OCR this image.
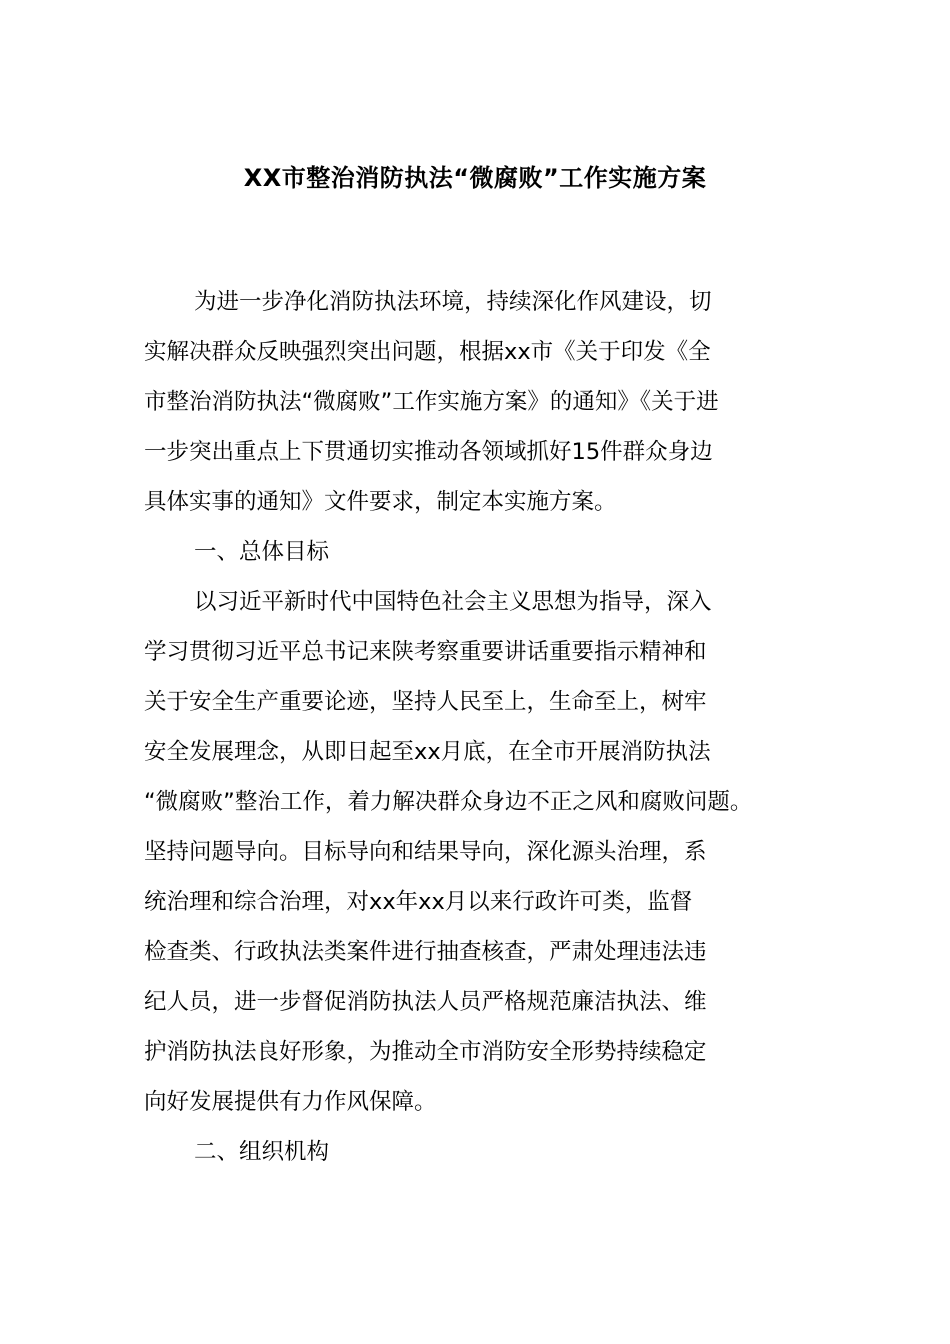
XX市整治消防执法“微腐败”工作实施方案
为进一步净化消防执法环境，持续深化作风建设，切
实解决群众反映强烈突出问题，根据xx市《关于印发《全
市整治消防执法“微腐败”工作实施方案》的通知》《关于进
一步突出重点上下贯通切实推动各领域抓好15件群众身边
具体实事的通知》文件要求，制定本实施方案。
一、总体目标
以习近平新时代中国特色社会主义思想为指导，深入
学习贯彻习近平总书记来陕考察重要讲话重要指示精神和
关于安全生产重要论迹，坚持人民至上，生命至上，树牢
安全发展理念，从即日起至xx月底，在全市开展消防执法
“微腐败”整治工作，着力解决群众身边不正之风和腐败问题。
坚持问题导向。目标导向和结果导向，深化源头治理，系
统治理和综合治理，对xx年xx月以来行政许可类，监督
检查类、行政执法类案件进行抽查核查，严肃处理违法违
纪人员，进一步督促消防执法人员严格规范廉洁执法、维
护消防执法良好形象，为推动全市消防安全形势持续稳定
向好发展提供有力作风保障。
二、组织机构
